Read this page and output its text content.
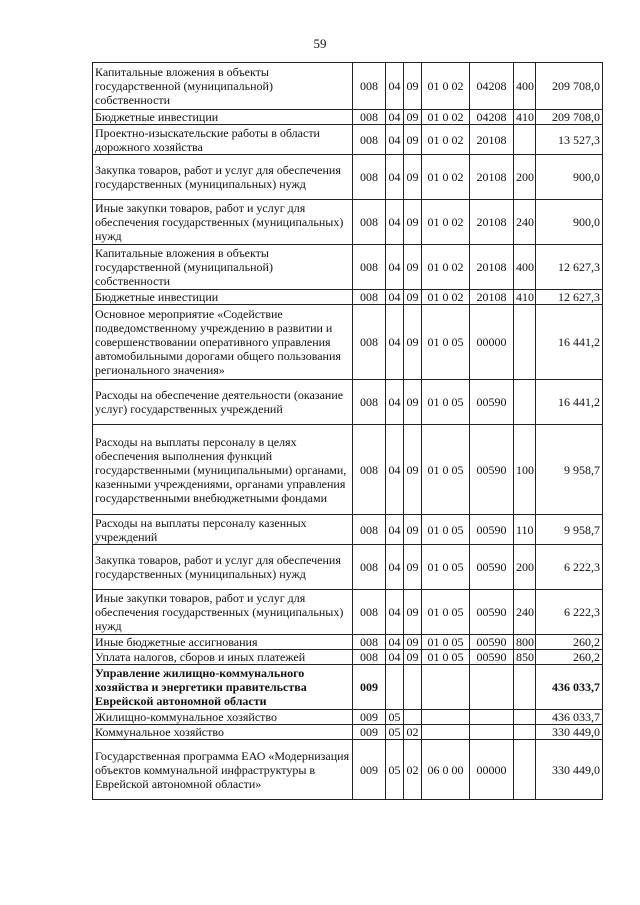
59
Капитальные вложения в объекты государственной (муниципальной) собственности	008	04	09	01 0 02	04208	400	209 708,0
Бюджетные инвестиции	008	04	09	01 0 02	04208	410	209 708,0
Проектно-изыскательские работы в области дорожного хозяйства	008	04	09	01 0 02	20108		13 527,3
Закупка товаров, работ и услуг для обеспечения государственных (муниципальных) нужд	008	04	09	01 0 02	20108	200	900,0
Иные закупки товаров, работ и услуг для обеспечения государственных (муниципальных) нужд	008	04	09	01 0 02	20108	240	900,0
Капитальные вложения в объекты государственной (муниципальной) собственности	008	04	09	01 0 02	20108	400	12 627,3
Бюджетные инвестиции	008	04	09	01 0 02	20108	410	12 627,3
Основное мероприятие «Содействие подведомственному учреждению в развитии и совершенствовании оперативного управления автомобильными дорогами общего пользования регионального значения»	008	04	09	01 0 05	00000		16 441,2
Расходы на обеспечение деятельности (оказание услуг) государственных учреждений	008	04	09	01 0 05	00590		16 441,2
Расходы на выплаты персоналу в целях обеспечения выполнения функций государственными (муниципальными) органами, казенными учреждениями, органами управления государственными внебюджетными фондами	008	04	09	01 0 05	00590	100	9 958,7
Расходы на выплаты персоналу казенных учреждений	008	04	09	01 0 05	00590	110	9 958,7
Закупка товаров, работ и услуг для обеспечения государственных (муниципальных) нужд	008	04	09	01 0 05	00590	200	6 222,3
Иные закупки товаров, работ и услуг для обеспечения государственных (муниципальных) нужд	008	04	09	01 0 05	00590	240	6 222,3
Иные бюджетные ассигнования	008	04	09	01 0 05	00590	800	260,2
Уплата налогов, сборов и иных платежей	008	04	09	01 0 05	00590	850	260,2
Управление жилищно-коммунального хозяйства и энергетики правительства Еврейской автономной области	009						436 033,7
Жилищно-коммунальное хозяйство	009	05					436 033,7
Коммунальное хозяйство	009	05	02				330 449,0
Государственная программа ЕАО «Модернизация объектов коммунальной инфраструктуры в Еврейской автономной области»	009	05	02	06 0 00	00000		330 449,0
